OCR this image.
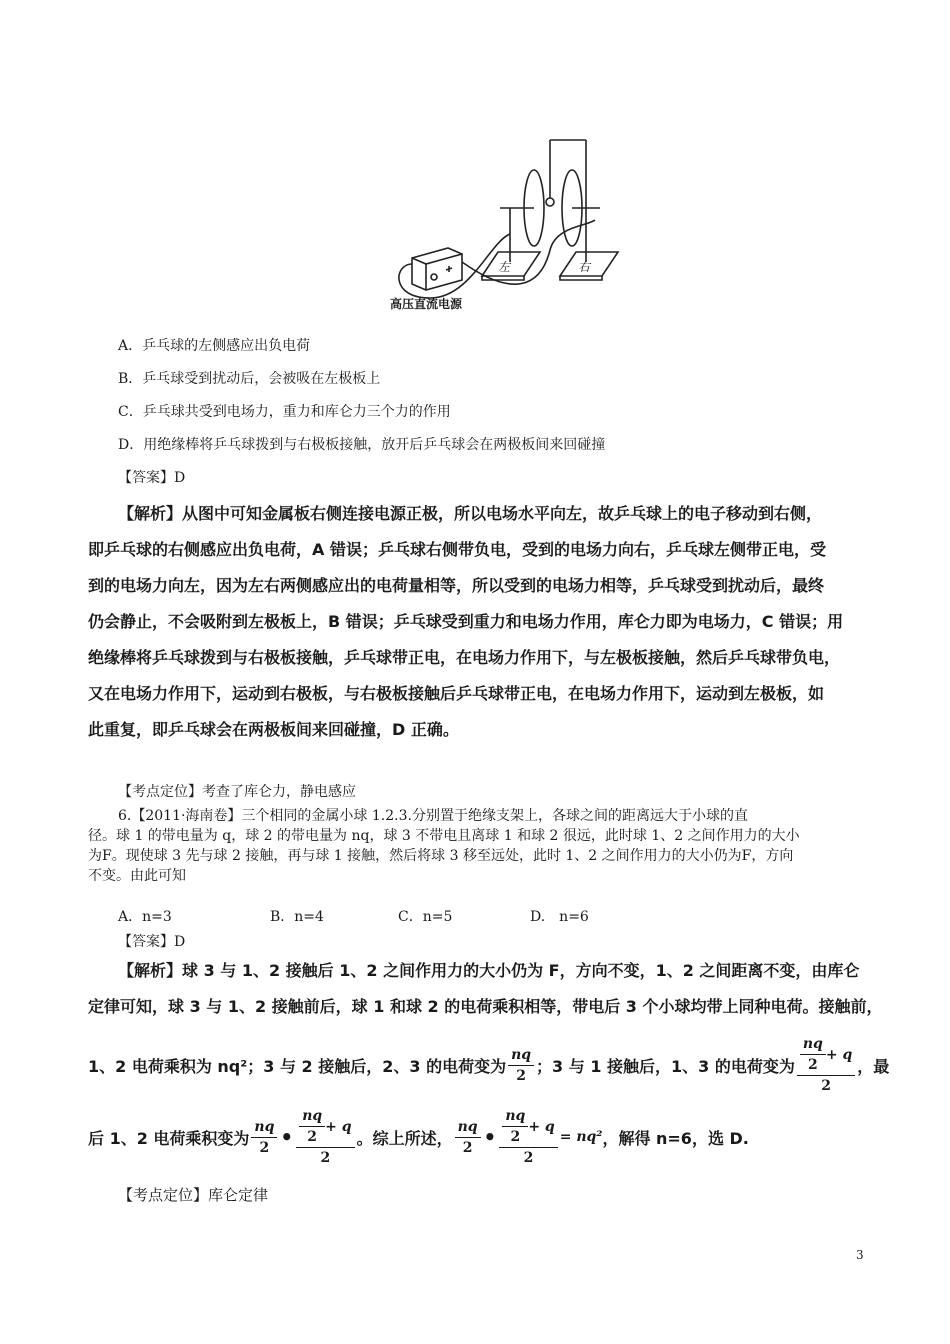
左	右
高压直流电源
A．乒乓球的左侧感应出负电荷
B．乒乓球受到扰动后，会被吸在左极板上
C．乒乓球共受到电场力，重力和库仑力三个力的作用
D．用绝缘棒将乒乓球拨到与右极板接触，放开后乒乓球会在两极板间来回碰撞
【答案】D
【解析】从图中可知金属板右侧连接电源正极，所以电场水平向左，故乒乓球上的电子移动到右侧，
即乒乓球的右侧感应出负电荷，A 错误；乒乓球右侧带负电，受到的电场力向右，乒乓球左侧带正电，受
到的电场力向左，因为左右两侧感应出的电荷量相等，所以受到的电场力相等，乒乓球受到扰动后，最终
仍会静止，不会吸附到左极板上，B 错误；乒乓球受到重力和电场力作用，库仑力即为电场力，C 错误；用
绝缘棒将乒乓球拨到与右极板接触，乒乓球带正电，在电场力作用下，与左极板接触，然后乒乓球带负电，
又在电场力作用下，运动到右极板，与右极板接触后乒乓球带正电，在电场力作用下，运动到左极板，如
此重复，即乒乓球会在两极板间来回碰撞，D 正确。
【考点定位】考查了库仑力，静电感应
6.【2011·海南卷】三个相同的金属小球 1.2.3.分别置于绝缘支架上，各球之间的距离远大于小球的直
径。球 1 的带电量为 q，球 2 的带电量为 nq，球 3 不带电且离球 1 和球 2 很远，此时球 1、2 之间作用力的大小
为F。现使球 3 先与球 2 接触，再与球 1 接触，然后将球 3 移至远处，此时 1、2 之间作用力的大小仍为F，方向
不变。由此可知
A．n=3	B．n=4	C．n=5	D.　n=6
【答案】D
【解析】球 3 与 1、2 接触后 1、2 之间作用力的大小仍为 F，方向不变，1、2 之间距离不变，由库仑
定律可知，球 3 与 1、2 接触前后，球 1 和球 2 的电荷乘积相等，带电后 3 个小球均带上同种电荷。接触前，
1、2 电荷乘积为 nq²；3 与 2 接触后，2、3 的电荷变为 $\frac{nq}{2}$ ；3 与 1 接触后，1、3 的电荷变为 $\frac{\frac{nq}{2} + q}{2}$ ，最
后 1、2 电荷乘积变为 $\frac{nq}{2}$ • $\frac{\frac{nq}{2} + q}{2}$ 。综上所述， $\frac{nq}{2}$ • $\frac{\frac{nq}{2} + q}{2} = nq^2$ ，解得 n=6，选 D.
【考点定位】库仑定律
3
